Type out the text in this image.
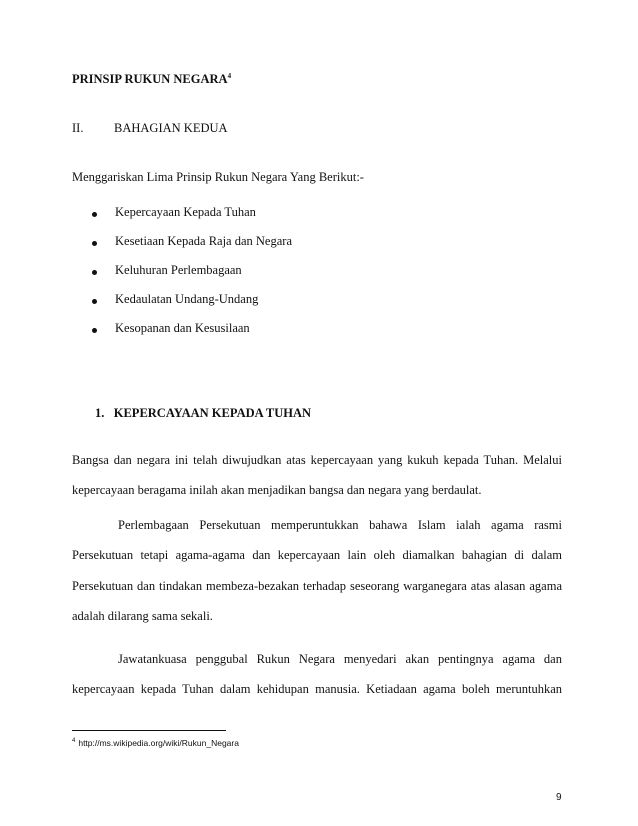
PRINSIP RUKUN NEGARA$^4$
II. BAHAGIAN KEDUA
Menggariskan Lima Prinsip Rukun Negara Yang Berikut:-
Kepercayaan Kepada Tuhan
Kesetiaan Kepada Raja dan Negara
Keluhuran Perlembagaan
Kedaulatan Undang-Undang
Kesopanan dan Kesusilaan
1.   KEPERCAYAAN KEPADA TUHAN
Bangsa dan negara ini telah diwujudkan atas kepercayaan yang kukuh kepada Tuhan. Melalui
kepercayaan beragama inilah akan menjadikan bangsa dan negara yang berdaulat.
Perlembagaan Persekutuan memperuntukkan bahawa Islam ialah agama rasmi
Persekutuan tetapi agama-agama dan kepercayaan lain oleh diamalkan bahagian di dalam
Persekutuan dan tindakan membeza-bezakan terhadap seseorang warganegara atas alasan agama
adalah dilarang sama sekali.
Jawatankuasa penggubal Rukun Negara menyedari akan pentingnya agama dan
kepercayaan kepada Tuhan dalam kehidupan manusia. Ketiadaan agama boleh meruntuhkan
$^4$ http://ms.wikipedia.org/wiki/Rukun_Negara
9
